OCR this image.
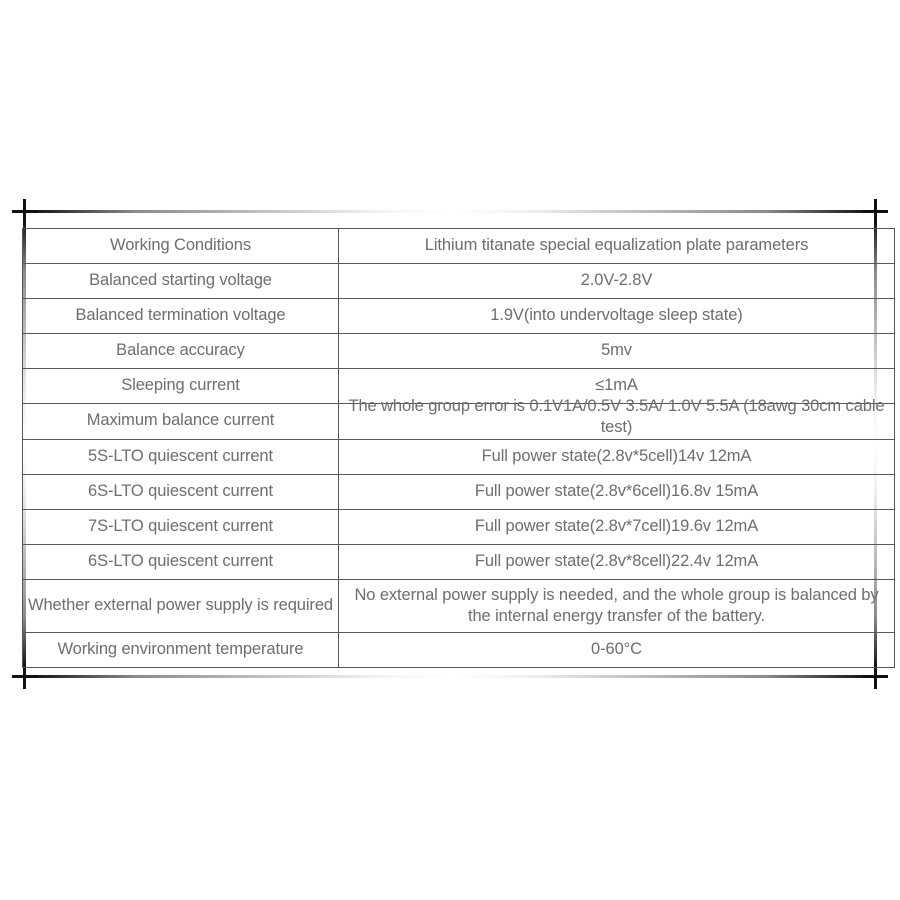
Working Conditions	Lithium titanate special equalization plate parameters
Balanced starting voltage	2.0V-2.8V
Balanced termination voltage	1.9V(into undervoltage sleep state)
Balance accuracy	5mv
Sleeping current	≤1mA

Maximum balance current	The whole group error is 0.1V1A/0.5V 3.5A/ 1.0V 5.5A (18awg 30cm cable test)

5S-LTO quiescent current	Full power state(2.8v*5cell)14v 12mA
6S-LTO quiescent current	Full power state(2.8v*6cell)16.8v 15mA
7S-LTO quiescent current	Full power state(2.8v*7cell)19.6v 12mA
6S-LTO quiescent current	Full power state(2.8v*8cell)22.4v 12mA
Whether external power supply is required	No external power supply is needed, and the whole group is balanced by the internal energy transfer of the battery.
Working environment temperature	0-60°C
